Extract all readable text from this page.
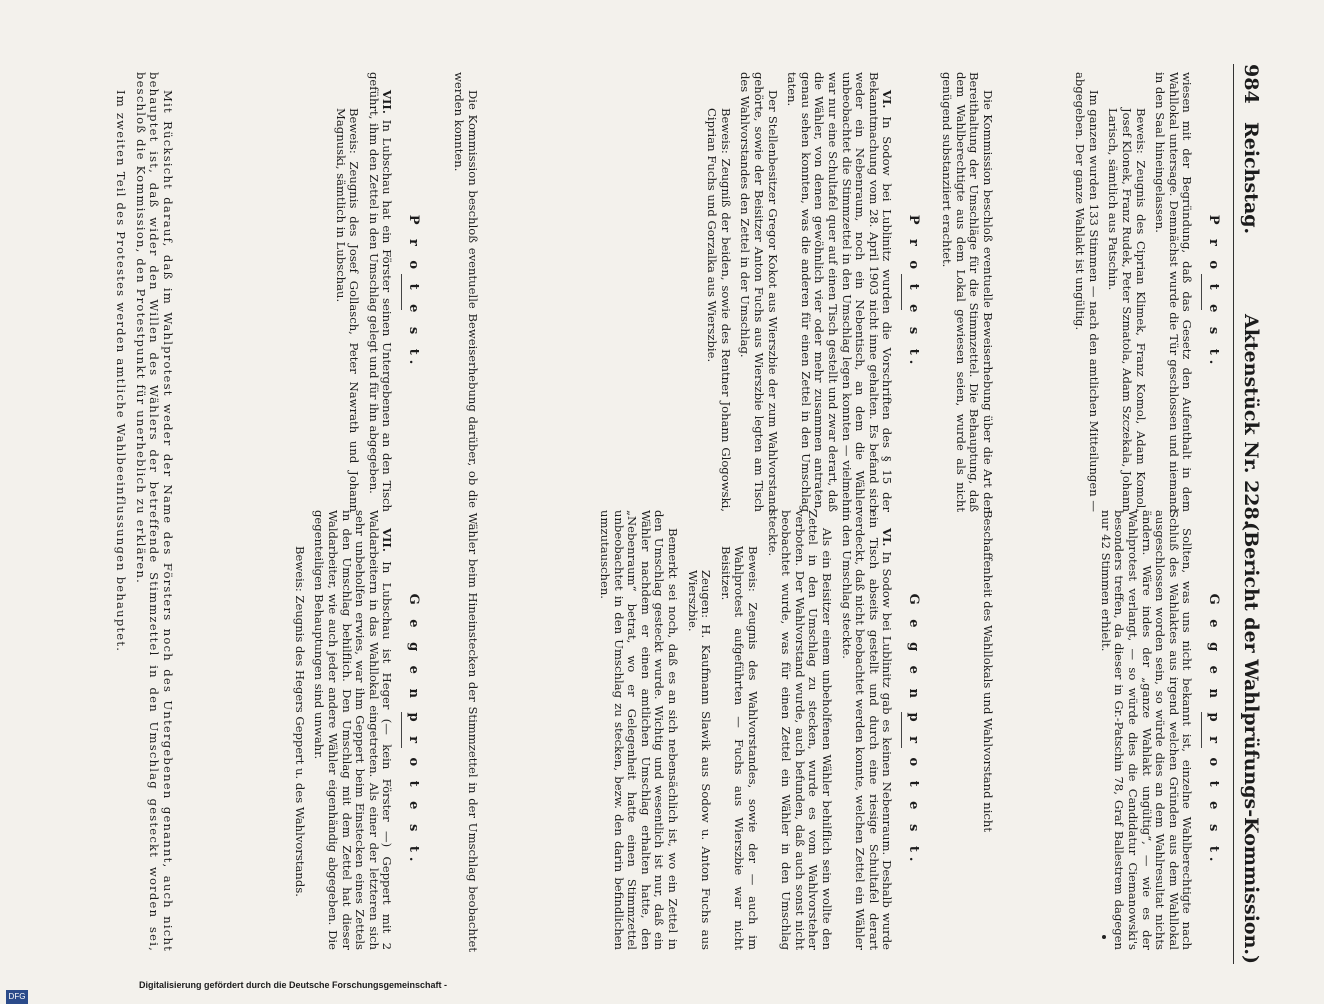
984
Reichstag.
Aktenstück Nr. 228.
(Bericht der Wahlprüfungs-Kommission.)
P r o t e s t.

wiesen mit der Begründung, daß das Gesetz den Aufenthalt in dem Wahllokal untersage. Demnächst wurde die Tür geschlossen und niemand in den Saal hineingelassen.

Beweis: Zeugnis des Ciprian Klimek, Franz Komol, Adam Komol, Josef Klonek, Franz Rudek, Peter Szmatola, Adam Szczekala, Johann Larisch, sämtlich aus Patschin.

Im ganzen wurden 133 Stimmen — nach den amtlichen Mitteilungen — abgegeben. Der ganze Wahlakt ist ungültig.

G e g e n p r o t e s t.

Sollten, was uns nicht bekannt ist, einzelne Wahlberechtigte nach Schluß des Wahlaktes aus irgend welchen Gründen aus dem Wahllokal ausgeschlossen worden sein, so würde dies an dem Wahlresultat nichts ändern. Wäre indes der „ganze Wahlakt ungültig“, — wie es der Wahlprotest verlangt, — so würde dies die Candidatur Ciemanowski's besonders treffen, da dieser in Gr.-Patschin 78, Graf Ballestrem dagegen nur 42 Stimmen erhielt.

Die Kommission beschloß eventuelle Beweiserhebung über die Art der Bereithaltung der Umschläge für die Stimmzettel. Die Behauptung, daß dem Wahlberechtigte aus dem Lokal gewiesen seien, wurde als nicht genügend substanziiert erachtet.

Beschaffenheit des Wahllokals und Wahlvorstand nicht

P r o t e s t.

VI. In Sodow bei Lublinitz wurden die Vorschriften des § 15 der Bekanntmachung vom 28. April 1903 nicht inne gehalten. Es befand sich weder ein Nebenraum, noch ein Nebentisch, an dem die Wähler unbeobachtet die Stimmzettel in den Umschlag legen konnten — vielmehr war nur eine Schultafel quer auf einen Tisch gestellt und zwar derart, daß die Wähler, von denen gewöhnlich vier oder mehr zusammen antraten, genau sehen konnten, was die anderen für einen Zettel in den Umschlag taten.

Der Stellenbesitzer Gregor Kokot aus Wierszbie der zum Wahlvorstand gehörte, sowie der Beisitzer Anton Fuchs aus Wierszbie legten am Tisch des Wahlvorstandes den Zettel in der Umschlag.

Beweis: Zeugniß der beiden, sowie des Rentner Johann Glogowski, Ciprian Fuchs und Gorzalka aus Wierszbie.

G e g e n p r o t e s t.

VI. In Sodow bei Lublinitz gab es keinen Nebenraum. Deshalb wurde ein Tisch abseits gestellt und durch eine riesige Schultafel derart verdeckt, daß nicht beobachtet werden konnte, welchen Zettel ein Wähler in den Umschlag steckte.

Als ein Beisitzer einem unbeholfenen Wähler behilflich sein wollte den Zettel in den Umschlag zu stecken, wurde es vom Wahlvorsteher verboten. Der Wahlvorstand wurde, auch befunden, daß auch sonst nicht beobachtet wurde, was für einen Zettel ein Wähler in den Umschlag steckte.

Beweis: Zeugnis des Wahlvorstandes, sowie der — auch im Wahlprotest aufgeführten — Fuchs aus Wierszbie war nicht Beisitzer.

Zeugen: H. Kaufmann Slawik aus Sodow u. Anton Fuchs aus Wierszbie.

Bemerkt sei noch, daß es an sich nebensächlich ist, wo ein Zettel in den Umschlag gesteckt wurde. Wichtig und wesentlich ist nur, daß ein Wähler nachdem er einen amtlichen Umschlag erhalten hatte, den „Nebenraum“ betrat, wo er Gelegenheit hatte einen Stimmzettel unbeobachtet in den Umschlag zu stecken, bezw. den darin befindlichen umzutauschen.

Die Kommission beschloß eventuelle Beweiserhebung darüber, ob die Wähler beim Hineinstecken der Stimmzettel in der Umschlag beobachtet werden konnten.

P r o t e s t.

VII. In Lubschau hat ein Förster seinen Untergebenen an den Tisch geführt, ihm den Zettel in den Umschlag gelegt und für ihn abgegeben.

Beweis: Zeugnis des Josef Gollasch, Peter Nawrath und Johann Magnuski, sämtlich in Lubschau.

G e g e n p r o t e s t.

VII. In Lubschau ist Heger (— kein Förster —) Geppert mit 2 Waldarbeitern in das Wahllokal eingetreten. Als einer der letzteren sich sehr unbeholfen erwies, war ihm Geppert beim Einstecken eines Zettels in den Umschlag behilflich. Den Umschlag mit dem Zettel hat dieser Waldarbeiter, wie auch jeder andere Wähler eigenhändig abgegeben. Die gegenteiligen Behauptungen sind unwahr.

Beweis: Zeugnis des Hegers Geppert u. des Wahlvorstands.

Mit Rücksicht darauf, daß im Wahlprotest weder der Name des Försters noch des Untergebenen genannt, auch nicht behauptet ist, daß wider den Willen des Wählers der betreffende Stimmzettel in den Umschlag gesteckt worden sei, beschloß die Kommission, den Protestpunkt für unerheblich zu erklären.

Im zweiten Teil des Protestes werden amtliche Wahlbeeinflussungen behauptet.

Digitalisierung gefördert durch die Deutsche Forschungsgemeinschaft -
DFG
